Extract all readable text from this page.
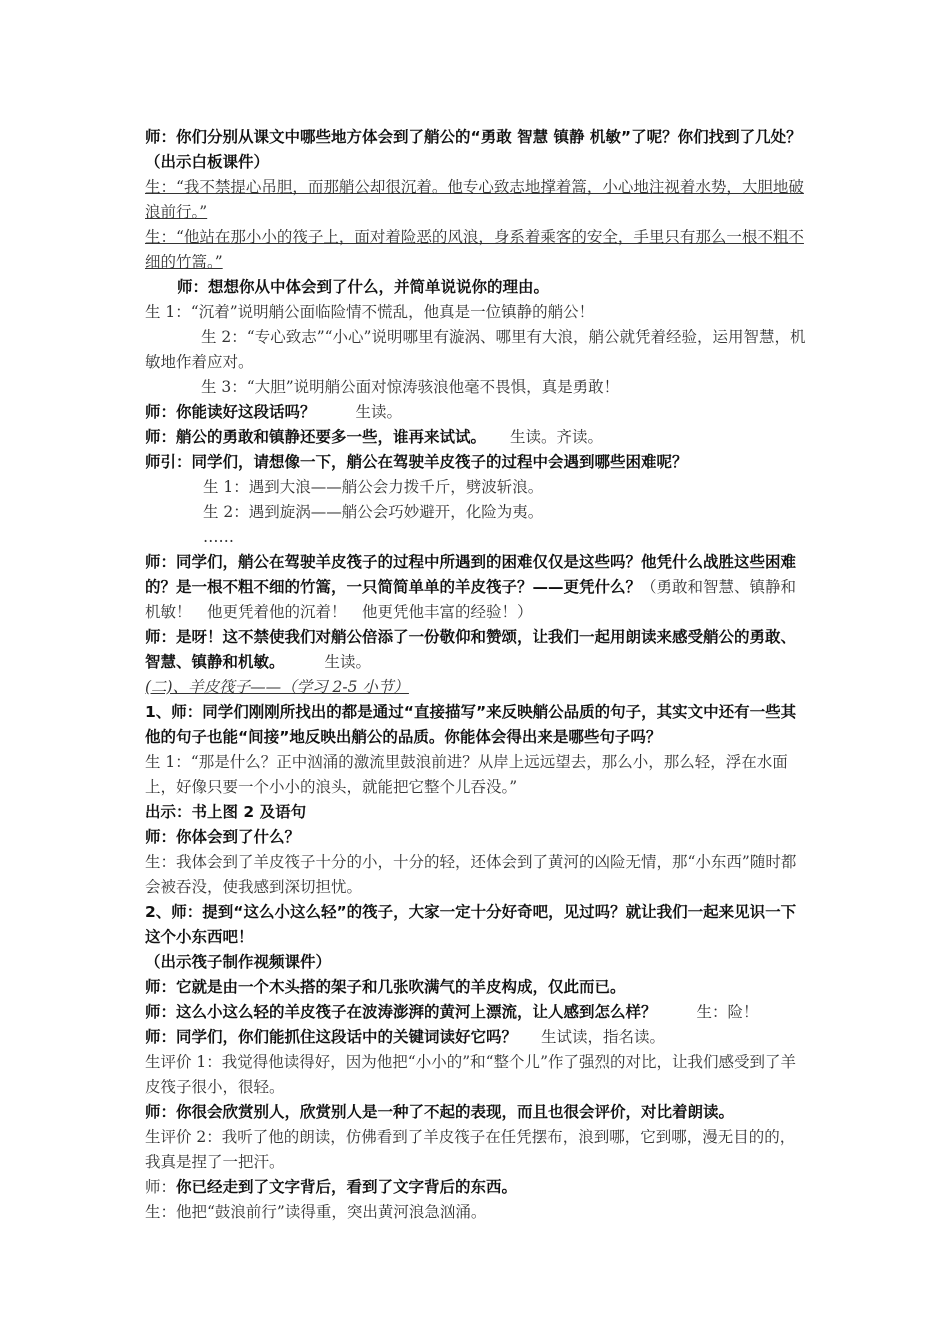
师：你们分别从课文中哪些地方体会到了艄公的“勇敢 智慧 镇静 机敏”了呢？你们找到了几处？（出示白板课件）

生：“我不禁提心吊胆，而那艄公却很沉着。他专心致志地撑着篙，小心地注视着水势，大胆地破浪前行。”

生：“他站在那小小的筏子上，面对着险恶的风浪，身系着乘客的安全，手里只有那么一根不粗不细的竹篙。”

师：想想你从中体会到了什么，并简单说说你的理由。

生 1：“沉着”说明艄公面临险情不慌乱，他真是一位镇静的艄公！

生 2：“专心致志”“小心”说明哪里有漩涡、哪里有大浪，艄公就凭着经验，运用智慧，机敏地作着应对。

生 3：“大胆”说明艄公面对惊涛骇浪他毫不畏惧，真是勇敢！

师：你能读好这段话吗？	生读。

师：艄公的勇敢和镇静还要多一些，谁再来试试。 生读。齐读。

师引：同学们，请想像一下，艄公在驾驶羊皮筏子的过程中会遇到哪些困难呢？

生 1：遇到大浪——艄公会力拨千斤，劈波斩浪。

生 2：遇到旋涡——艄公会巧妙避开，化险为夷。

……

师：同学们，艄公在驾驶羊皮筏子的过程中所遇到的困难仅仅是这些吗？他凭什么战胜这些困难的？是一根不粗不细的竹篙，一只简简单单的羊皮筏子？——更凭什么？（勇敢和智慧、镇静和机敏！　他更凭着他的沉着！　他更凭他丰富的经验！）

师：是呀！这不禁使我们对艄公倍添了一份敬仰和赞颂，让我们一起用朗读来感受艄公的勇敢、智慧、镇静和机敏。	生读。

(二)、羊皮筏子——（学习 2-5 小节）

1、师：同学们刚刚所找出的都是通过“直接描写”来反映艄公品质的句子，其实文中还有一些其他的句子也能“间接”地反映出艄公的品质。你能体会得出来是哪些句子吗？

生 1：“那是什么？正中汹涌的激流里鼓浪前进？从岸上远远望去，那么小，那么轻，浮在水面上，好像只要一个小小的浪头，就能把它整个儿吞没。”

出示：书上图 2 及语句

师：你体会到了什么？

生：我体会到了羊皮筏子十分的小，十分的轻，还体会到了黄河的凶险无情，那“小东西”随时都会被吞没，使我感到深切担忧。

2、师：提到“这么小这么轻”的筏子，大家一定十分好奇吧，见过吗？就让我们一起来见识一下这个小东西吧！

（出示筏子制作视频课件）

师：它就是由一个木头搭的架子和几张吹满气的羊皮构成，仅此而已。

师：这么小这么轻的羊皮筏子在波涛澎湃的黄河上漂流，让人感到怎么样？	生：险！

师：同学们，你们能抓住这段话中的关键词读好它吗？ 生试读，指名读。

生评价 1：我觉得他读得好，因为他把“小小的”和“整个儿”作了强烈的对比，让我们感受到了羊皮筏子很小，很轻。

师：你很会欣赏别人，欣赏别人是一种了不起的表现，而且也很会评价，对比着朗读。

生评价 2：我听了他的朗读，仿佛看到了羊皮筏子在任凭摆布，浪到哪，它到哪，漫无目的的，我真是捏了一把汗。

师：你已经走到了文字背后，看到了文字背后的东西。

生：他把“鼓浪前行”读得重，突出黄河浪急汹涌。
